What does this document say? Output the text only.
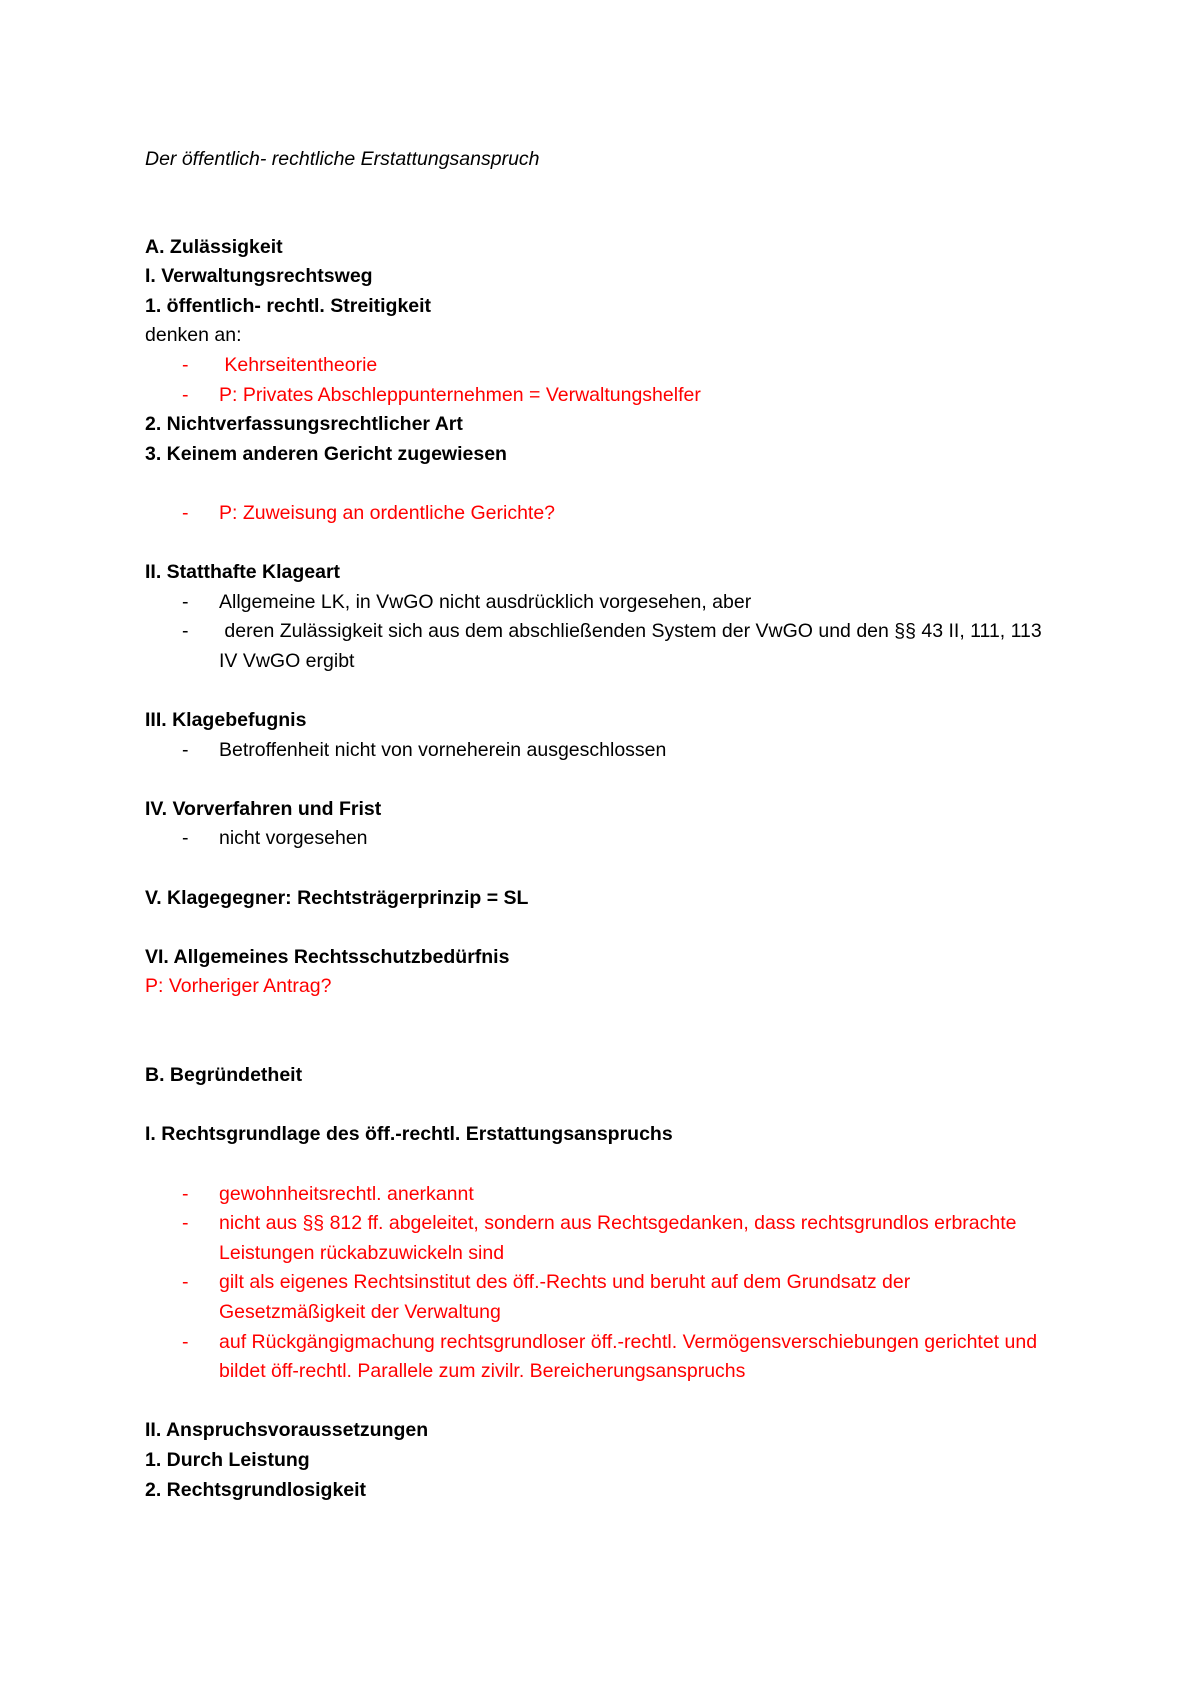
Der öffentlich- rechtliche Erstattungsanspruch

A. Zulässigkeit

I. Verwaltungsrechtsweg

1. öffentlich- rechtl. Streitigkeit

denken an:

- Kehrseitentheorie
- P: Privates Abschleppunternehmen = Verwaltungshelfer

2. Nichtverfassungsrechtlicher Art

3. Keinem anderen Gericht zugewiesen

- P: Zuweisung an ordentliche Gerichte?

II. Statthafte Klageart

- Allgemeine LK, in VwGO nicht ausdrücklich vorgesehen, aber
- deren Zulässigkeit sich aus dem abschließenden System der VwGO und den §§ 43 II, 111, 113 IV VwGO ergibt

III. Klagebefugnis

- Betroffenheit nicht von vorneherein ausgeschlossen

IV. Vorverfahren und Frist

- nicht vorgesehen

V. Klagegegner: Rechtsträgerprinzip = SL

VI. Allgemeines Rechtsschutzbedürfnis

P: Vorheriger Antrag?

B. Begründetheit

I. Rechtsgrundlage des öff.-rechtl. Erstattungsanspruchs

- gewohnheitsrechtl. anerkannt
- nicht aus §§ 812 ff. abgeleitet, sondern aus Rechtsgedanken, dass rechtsgrundlos erbrachte Leistungen rückabzuwickeln sind
- gilt als eigenes Rechtsinstitut des öff.-Rechts und beruht auf dem Grundsatz der Gesetzmäßigkeit der Verwaltung
- auf Rückgängigmachung rechtsgrundloser öff.-rechtl. Vermögensverschiebungen gerichtet und bildet öff-rechtl. Parallele zum zivilr. Bereicherungsanspruchs

II. Anspruchsvoraussetzungen

1. Durch Leistung

2. Rechtsgrundlosigkeit
